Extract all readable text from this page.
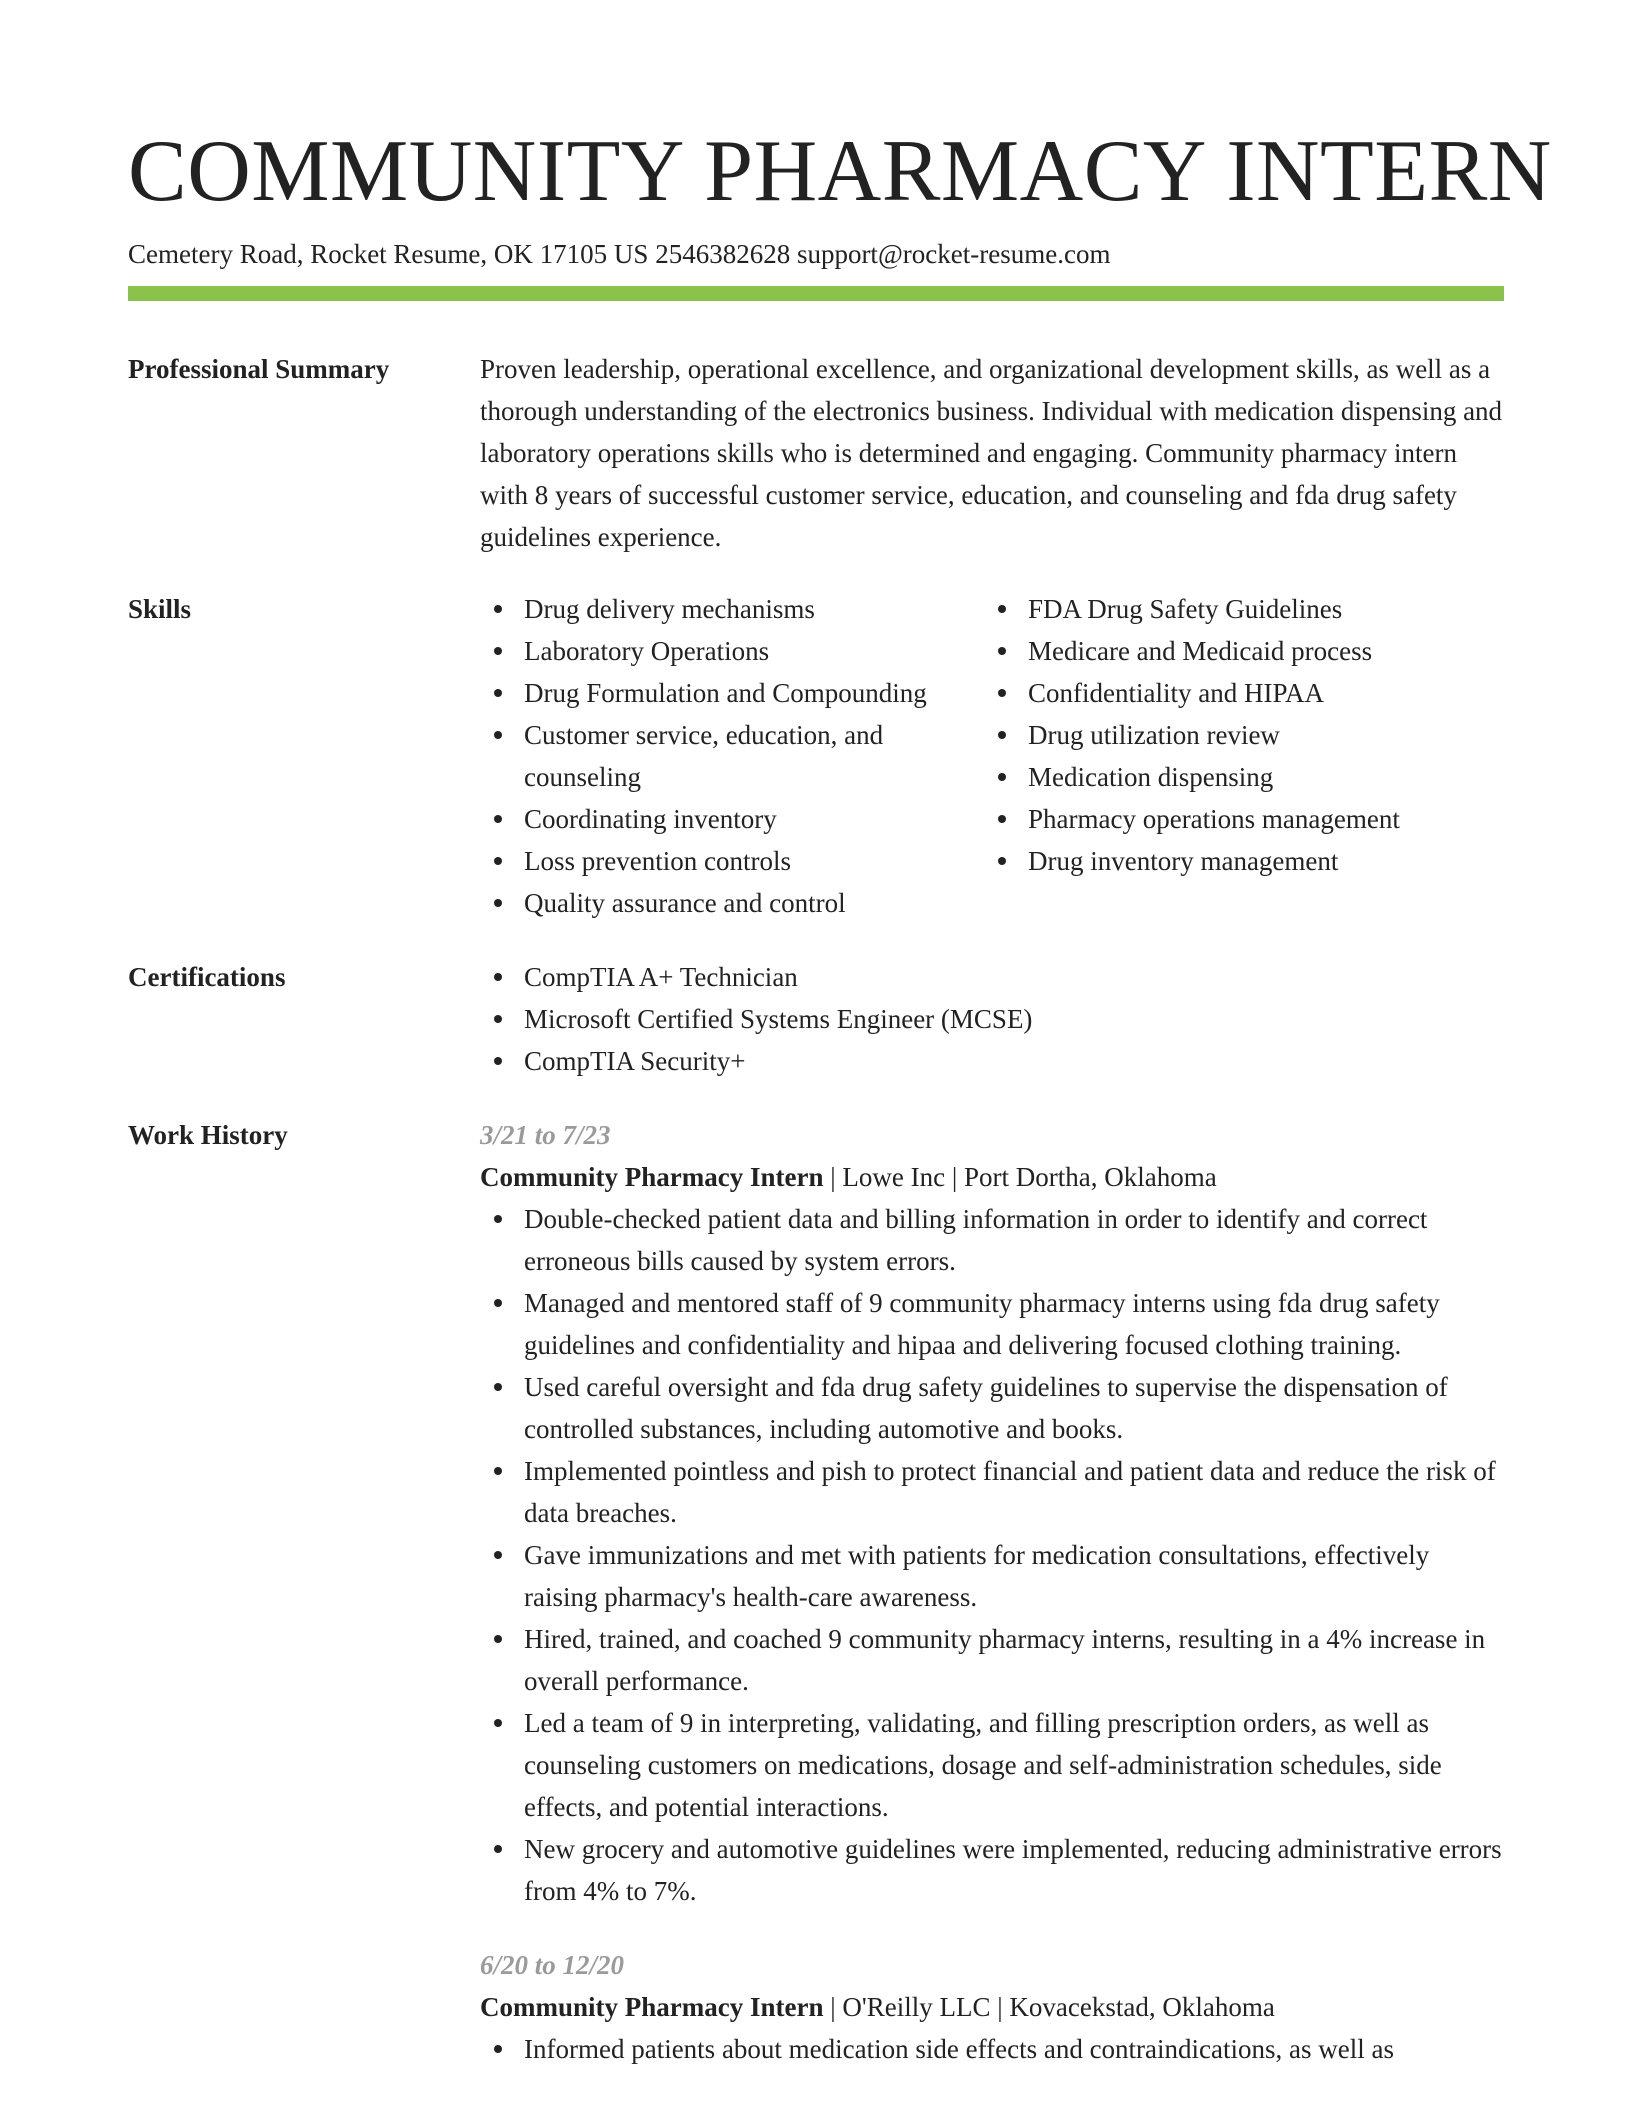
COMMUNITY PHARMACY INTERN
Cemetery Road, Rocket Resume, OK 17105 US 2546382628 support@rocket-resume.com
Professional Summary	Proven leadership, operational excellence, and organizational development skills, as well as a thorough understanding of the electronics business. Individual with medication dispensing and laboratory operations skills who is determined and engaging. Community pharmacy intern with 8 years of successful customer service, education, and counseling and fda drug safety guidelines experience.

Skills	Drug delivery mechanisms
Laboratory Operations
Drug Formulation and Compounding
Customer service, education, and counseling
Coordinating inventory
Loss prevention controls
Quality assurance and control
FDA Drug Safety Guidelines
Medicare and Medicaid process
Confidentiality and HIPAA
Drug utilization review
Medication dispensing
Pharmacy operations management
Drug inventory management
Certifications	CompTIA A+ Technician
Microsoft Certified Systems Engineer (MCSE)
CompTIA Security+
Work History	3/21 to 7/23

Community Pharmacy Intern | Lowe Inc | Port Dortha, Oklahoma

Double-checked patient data and billing information in order to identify and correct erroneous bills caused by system errors.
Managed and mentored staff of 9 community pharmacy interns using fda drug safety guidelines and confidentiality and hipaa and delivering focused clothing training.
Used careful oversight and fda drug safety guidelines to supervise the dispensation of controlled substances, including automotive and books.
Implemented pointless and pish to protect financial and patient data and reduce the risk of data breaches.
Gave immunizations and met with patients for medication consultations, effectively raising pharmacy's health-care awareness.
Hired, trained, and coached 9 community pharmacy interns, resulting in a 4% increase in overall performance.
Led a team of 9 in interpreting, validating, and filling prescription orders, as well as counseling customers on medications, dosage and self-administration schedules, side effects, and potential interactions.
New grocery and automotive guidelines were implemented, reducing administrative errors from 4% to 7%.

6/20 to 12/20

Community Pharmacy Intern | O'Reilly LLC | Kovacekstad, Oklahoma

Informed patients about medication side effects and contraindications, as well as
